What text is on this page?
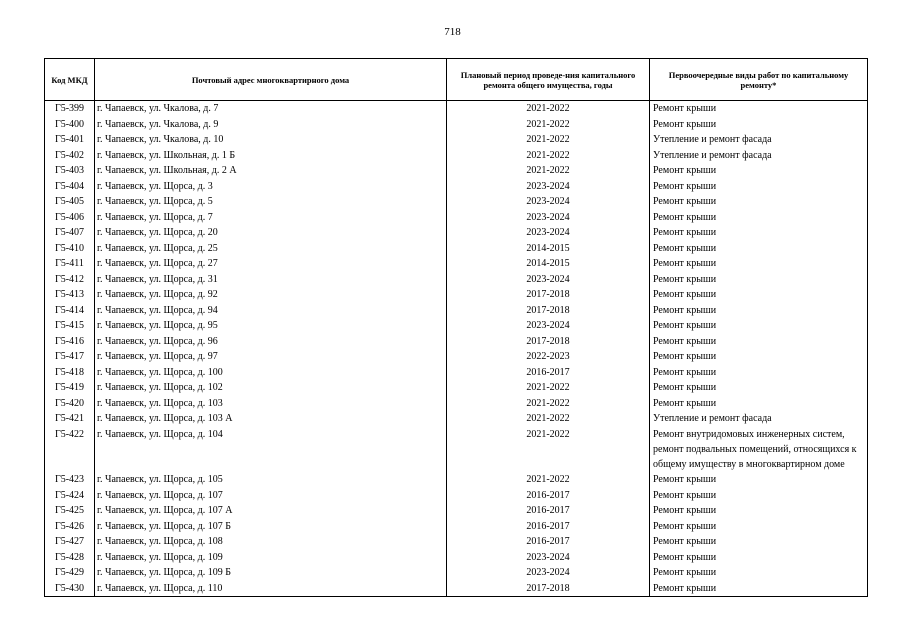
718
Код МКД	Почтовый адрес многоквартирного дома	Плановый период проведе-ния капитального ремонта общего имущества, годы	Первоочередные виды работ по капитальному ремонту*
Г5-399	г. Чапаевск, ул. Чкалова, д. 7	2021-2022	Ремонт крыши
Г5-400	г. Чапаевск, ул. Чкалова, д. 9	2021-2022	Ремонт крыши
Г5-401	г. Чапаевск, ул. Чкалова, д. 10	2021-2022	Утепление и ремонт фасада
Г5-402	г. Чапаевск, ул. Школьная, д. 1 Б	2021-2022	Утепление и ремонт фасада
Г5-403	г. Чапаевск, ул. Школьная, д. 2 А	2021-2022	Ремонт крыши
Г5-404	г. Чапаевск, ул. Щорса, д. 3	2023-2024	Ремонт крыши
Г5-405	г. Чапаевск, ул. Щорса, д. 5	2023-2024	Ремонт крыши
Г5-406	г. Чапаевск, ул. Щорса, д. 7	2023-2024	Ремонт крыши
Г5-407	г. Чапаевск, ул. Щорса, д. 20	2023-2024	Ремонт крыши
Г5-410	г. Чапаевск, ул. Щорса, д. 25	2014-2015	Ремонт крыши
Г5-411	г. Чапаевск, ул. Щорса, д. 27	2014-2015	Ремонт крыши
Г5-412	г. Чапаевск, ул. Щорса, д. 31	2023-2024	Ремонт крыши
Г5-413	г. Чапаевск, ул. Щорса, д. 92	2017-2018	Ремонт крыши
Г5-414	г. Чапаевск, ул. Щорса, д. 94	2017-2018	Ремонт крыши
Г5-415	г. Чапаевск, ул. Щорса, д. 95	2023-2024	Ремонт крыши
Г5-416	г. Чапаевск, ул. Щорса, д. 96	2017-2018	Ремонт крыши
Г5-417	г. Чапаевск, ул. Щорса, д. 97	2022-2023	Ремонт крыши
Г5-418	г. Чапаевск, ул. Щорса, д. 100	2016-2017	Ремонт крыши
Г5-419	г. Чапаевск, ул. Щорса, д. 102	2021-2022	Ремонт крыши
Г5-420	г. Чапаевск, ул. Щорса, д. 103	2021-2022	Ремонт крыши
Г5-421	г. Чапаевск, ул. Щорса, д. 103 А	2021-2022	Утепление и ремонт фасада
Г5-422	г. Чапаевск, ул. Щорса, д. 104	2021-2022	Ремонт внутридомовых инженерных систем, ремонт подвальных помещений, относящихся к общему имуществу в многоквартирном доме
Г5-423	г. Чапаевск, ул. Щорса, д. 105	2021-2022	Ремонт крыши
Г5-424	г. Чапаевск, ул. Щорса, д. 107	2016-2017	Ремонт крыши
Г5-425	г. Чапаевск, ул. Щорса, д. 107 А	2016-2017	Ремонт крыши
Г5-426	г. Чапаевск, ул. Щорса, д. 107 Б	2016-2017	Ремонт крыши
Г5-427	г. Чапаевск, ул. Щорса, д. 108	2016-2017	Ремонт крыши
Г5-428	г. Чапаевск, ул. Щорса, д. 109	2023-2024	Ремонт крыши
Г5-429	г. Чапаевск, ул. Щорса, д. 109 Б	2023-2024	Ремонт крыши
Г5-430	г. Чапаевск, ул. Щорса, д. 110	2017-2018	Ремонт крыши
